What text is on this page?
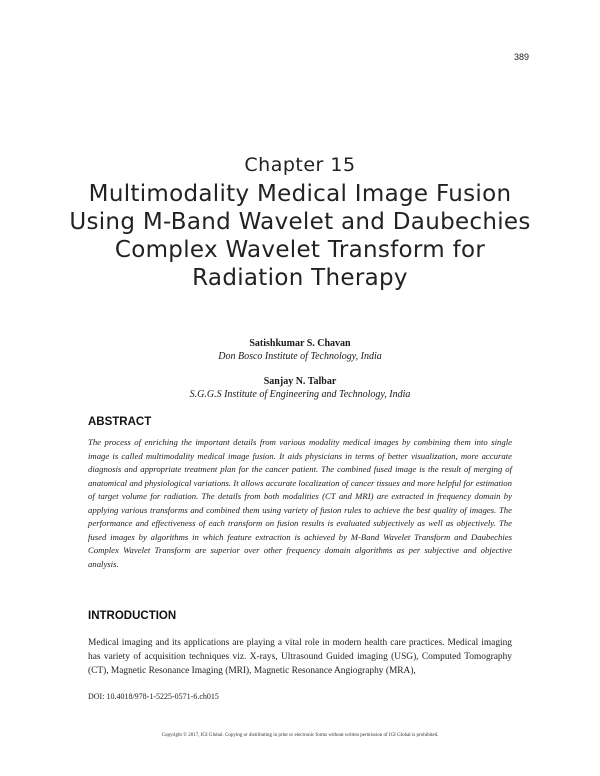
389
Chapter 15
Multimodality Medical Image Fusion Using M-Band Wavelet and Daubechies Complex Wavelet Transform for Radiation Therapy
Satishkumar S. Chavan
Don Bosco Institute of Technology, India
Sanjay N. Talbar
S.G.G.S Institute of Engineering and Technology, India
ABSTRACT
The process of enriching the important details from various modality medical images by combining them into single image is called multimodality medical image fusion. It aids physicians in terms of better visualization, more accurate diagnosis and appropriate treatment plan for the cancer patient. The combined fused image is the result of merging of anatomical and physiological variations. It allows accurate localization of cancer tissues and more helpful for estimation of target volume for radiation. The details from both modalities (CT and MRI) are extracted in frequency domain by applying various transforms and combined them using variety of fusion rules to achieve the best quality of images. The performance and effectiveness of each transform on fusion results is evaluated subjectively as well as objectively. The fused images by algorithms in which feature extraction is achieved by M-Band Wavelet Transform and Daubechies Complex Wavelet Transform are superior over other frequency domain algorithms as per subjective and objective analysis.
INTRODUCTION
Medical imaging and its applications are playing a vital role in modern health care practices. Medical imaging has variety of acquisition techniques viz. X-rays, Ultrasound Guided imaging (USG), Computed Tomography (CT), Magnetic Resonance Imaging (MRI), Magnetic Resonance Angiography (MRA),
DOI: 10.4018/978-1-5225-0571-6.ch015
Copyright © 2017, IGI Global. Copying or distributing in print or electronic forms without written permission of IGI Global is prohibited.
